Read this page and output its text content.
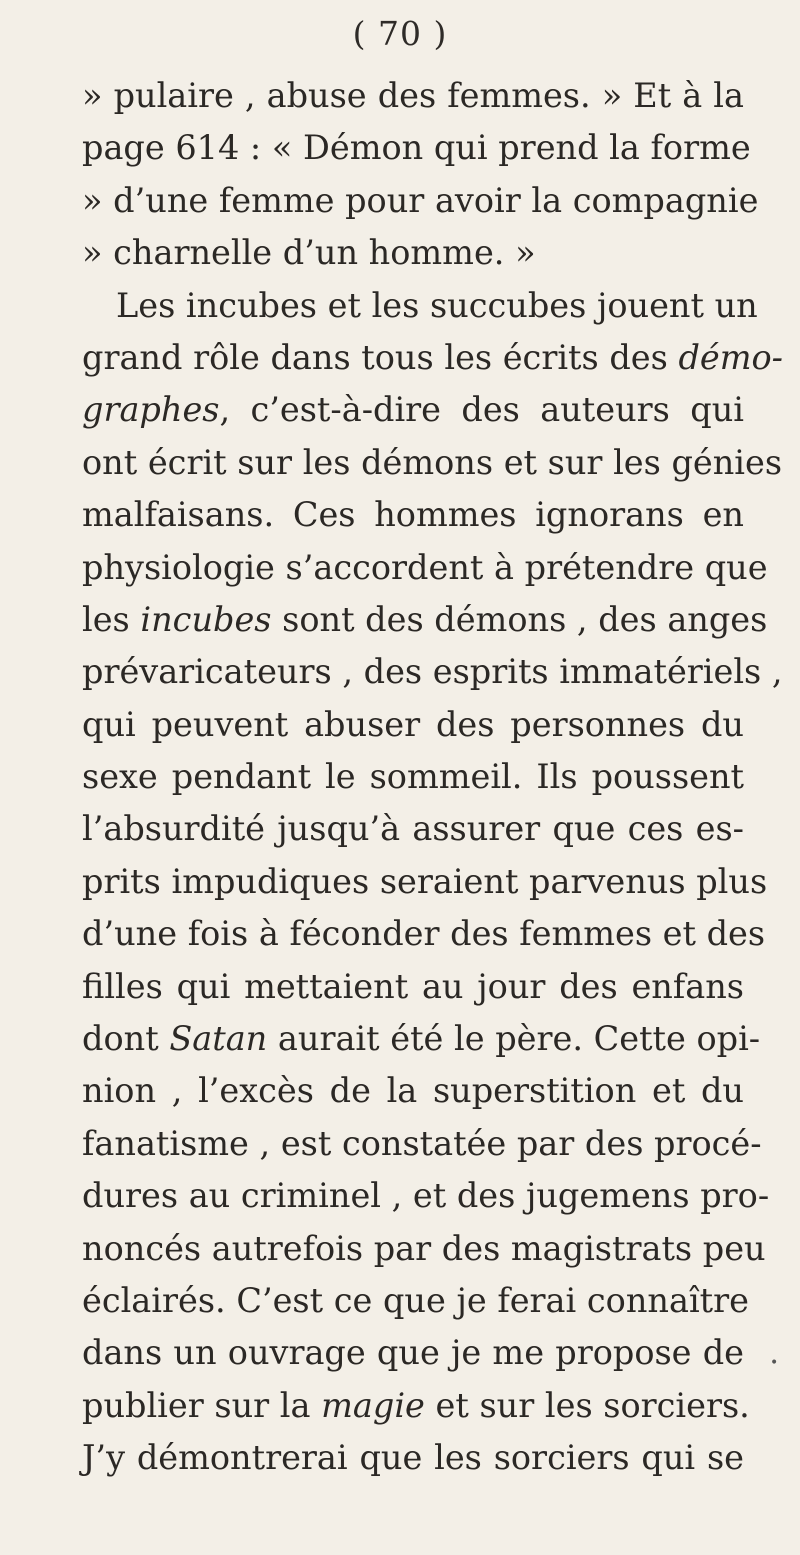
( 70 )
» pulaire , abuse des femmes. » Et à la
page 614 : « Démon qui prend la forme
» d’une femme pour avoir la compagnie
» charnelle d’un homme. »
Les incubes et les succubes jouent un
grand rôle dans tous les écrits des démo-
graphes, c’est-à-dire des auteurs qui
ont écrit sur les démons et sur les génies
malfaisans. Ces hommes ignorans en
physiologie s’accordent à prétendre que
les incubes sont des démons , des anges
prévaricateurs , des esprits immatériels ,
qui peuvent abuser des personnes du
sexe pendant le sommeil. Ils poussent
l’absurdité jusqu’à assurer que ces es-
prits impudiques seraient parvenus plus
d’une fois à féconder des femmes et des
filles qui mettaient au jour des enfans
dont Satan aurait été le père. Cette opi-
nion , l’excès de la superstition et du
fanatisme , est constatée par des procé-
dures au criminel , et des jugemens pro-
noncés autrefois par des magistrats peu
éclairés. C’est ce que je ferai connaître
dans un ouvrage que je me propose de
publier sur la magie et sur les sorciers.
J’y démontrerai que les sorciers qui se
•
